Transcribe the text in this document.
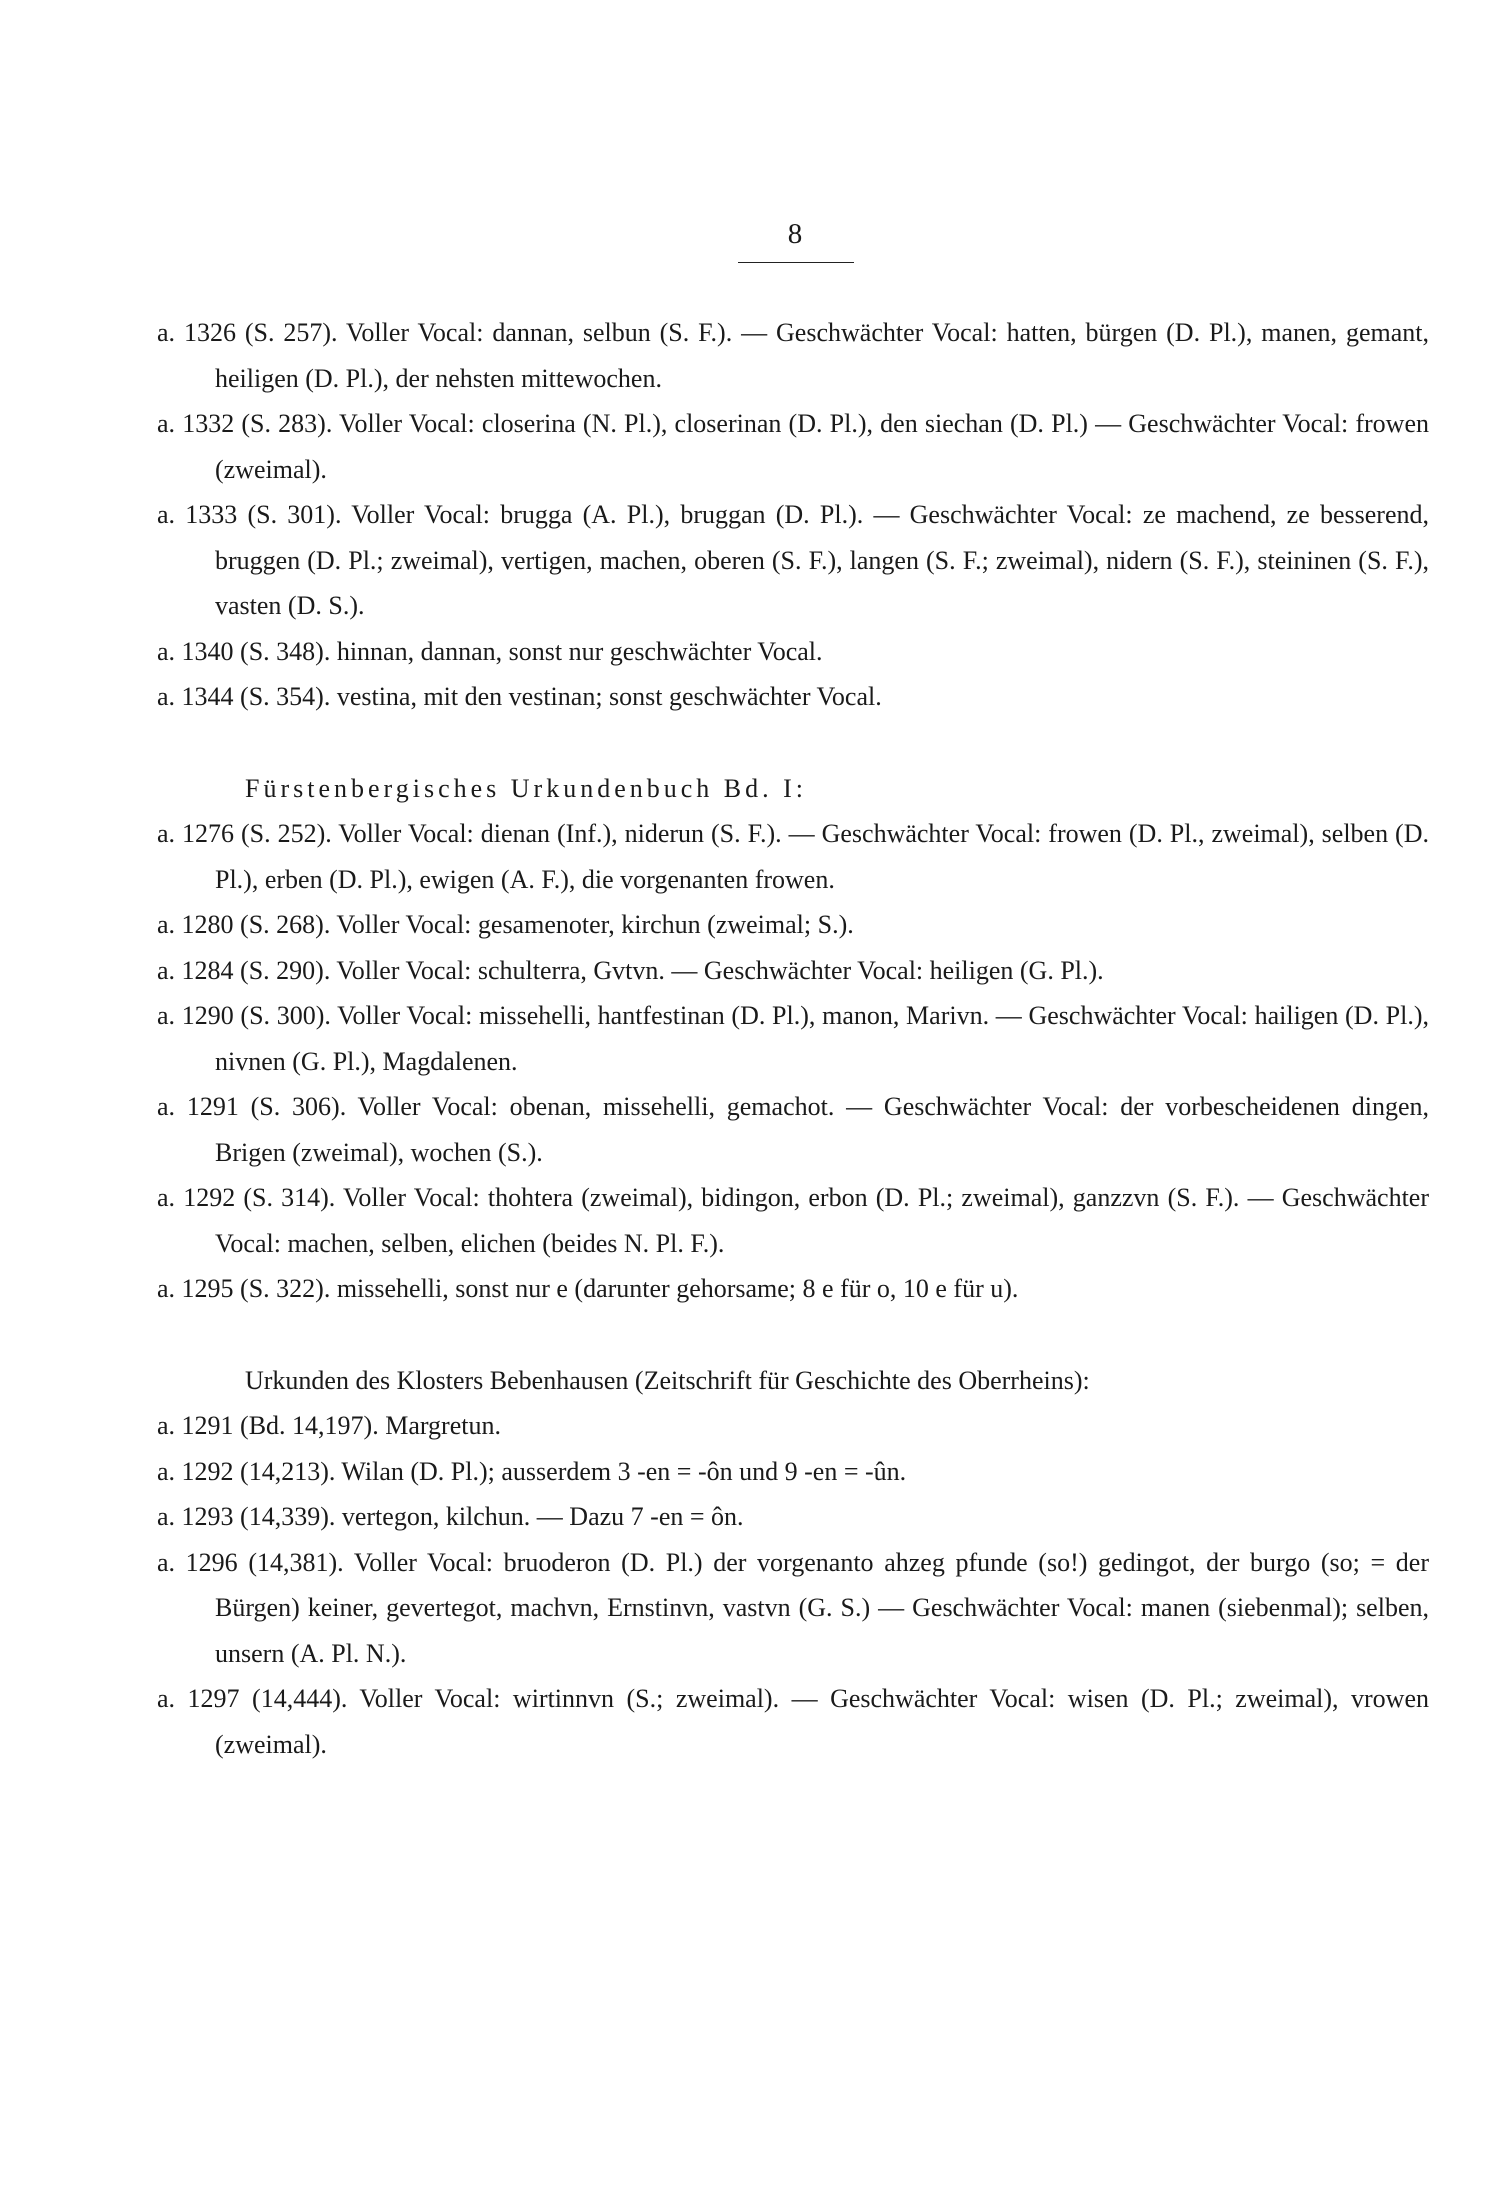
8

a. 1326 (S. 257). Voller Vocal: dannan, selbun (S. F.). — Geschwächter Vocal: hatten, bürgen (D. Pl.), manen, gemant, heiligen (D. Pl.), der nehsten mittewochen.

a. 1332 (S. 283). Voller Vocal: closerina (N. Pl.), closerinan (D. Pl.), den siechan (D. Pl.) — Geschwächter Vocal: frowen (zweimal).

a. 1333 (S. 301). Voller Vocal: brugga (A. Pl.), bruggan (D. Pl.). — Geschwächter Vocal: ze machend, ze besserend, bruggen (D. Pl.; zweimal), vertigen, machen, oberen (S. F.), langen (S. F.; zweimal), nidern (S. F.), steininen (S. F.), vasten (D. S.).

a. 1340 (S. 348). hinnan, dannan, sonst nur geschwächter Vocal.

a. 1344 (S. 354). vestina, mit den vestinan; sonst geschwächter Vocal.

Fürstenbergisches Urkundenbuch Bd. I:

a. 1276 (S. 252). Voller Vocal: dienan (Inf.), niderun (S. F.). — Geschwächter Vocal: frowen (D. Pl., zweimal), selben (D. Pl.), erben (D. Pl.), ewigen (A. F.), die vorgenanten frowen.

a. 1280 (S. 268). Voller Vocal: gesamenoter, kirchun (zweimal; S.).

a. 1284 (S. 290). Voller Vocal: schulterra, Gvtvn. — Geschwächter Vocal: heiligen (G. Pl.).

a. 1290 (S. 300). Voller Vocal: missehelli, hantfestinan (D. Pl.), manon, Marivn. — Geschwächter Vocal: hailigen (D. Pl.), nivnen (G. Pl.), Magdalenen.

a. 1291 (S. 306). Voller Vocal: obenan, missehelli, gemachot. — Geschwächter Vocal: der vorbescheidenen dingen, Brigen (zweimal), wochen (S.).

a. 1292 (S. 314). Voller Vocal: thohtera (zweimal), bidingon, erbon (D. Pl.; zweimal), ganzzvn (S. F.). — Geschwächter Vocal: machen, selben, elichen (beides N. Pl. F.).

a. 1295 (S. 322). missehelli, sonst nur e (darunter gehorsame; 8 e für o, 10 e für u).

Urkunden des Klosters Bebenhausen (Zeitschrift für Geschichte des Oberrheins):

a. 1291 (Bd. 14,197). Margretun.

a. 1292 (14,213). Wilan (D. Pl.); ausserdem 3 -en = -ôn und 9 -en = -ûn.

a. 1293 (14,339). vertegon, kilchun. — Dazu 7 -en = ôn.

a. 1296 (14,381). Voller Vocal: bruoderon (D. Pl.) der vorgenanto ahzeg pfunde (so!) gedingot, der burgo (so; = der Bürgen) keiner, gevertegot, machvn, Ernstinvn, vastvn (G. S.) — Geschwächter Vocal: manen (siebenmal); selben, unsern (A. Pl. N.).

a. 1297 (14,444). Voller Vocal: wirtinnvn (S.; zweimal). — Geschwächter Vocal: wisen (D. Pl.; zweimal), vrowen (zweimal).
